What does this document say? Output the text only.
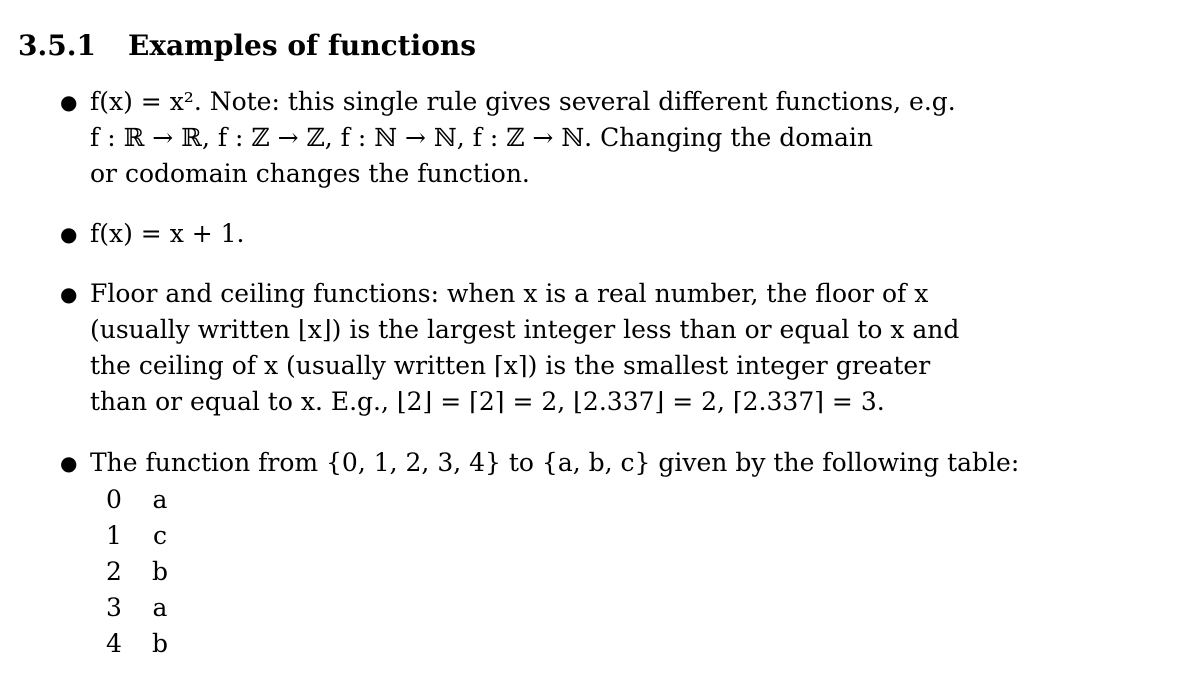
3.5.1 Examples of functions
● f(x) = x². Note: this single rule gives several different functions, e.g.
f : ℝ → ℝ, f : ℤ → ℤ, f : ℕ → ℕ, f : ℤ → ℕ. Changing the domain
or codomain changes the function.
● f(x) = x + 1.
● Floor and ceiling functions: when x is a real number, the floor of x
(usually written ⌊x⌋) is the largest integer less than or equal to x and
the ceiling of x (usually written ⌈x⌉) is the smallest integer greater
than or equal to x. E.g., ⌊2⌋ = ⌈2⌉ = 2, ⌊2.337⌋ = 2, ⌈2.337⌉ = 3.
● The function from {0, 1, 2, 3, 4} to {a, b, c} given by the following table:
0 a
1 c
2 b
3 a
4 b
